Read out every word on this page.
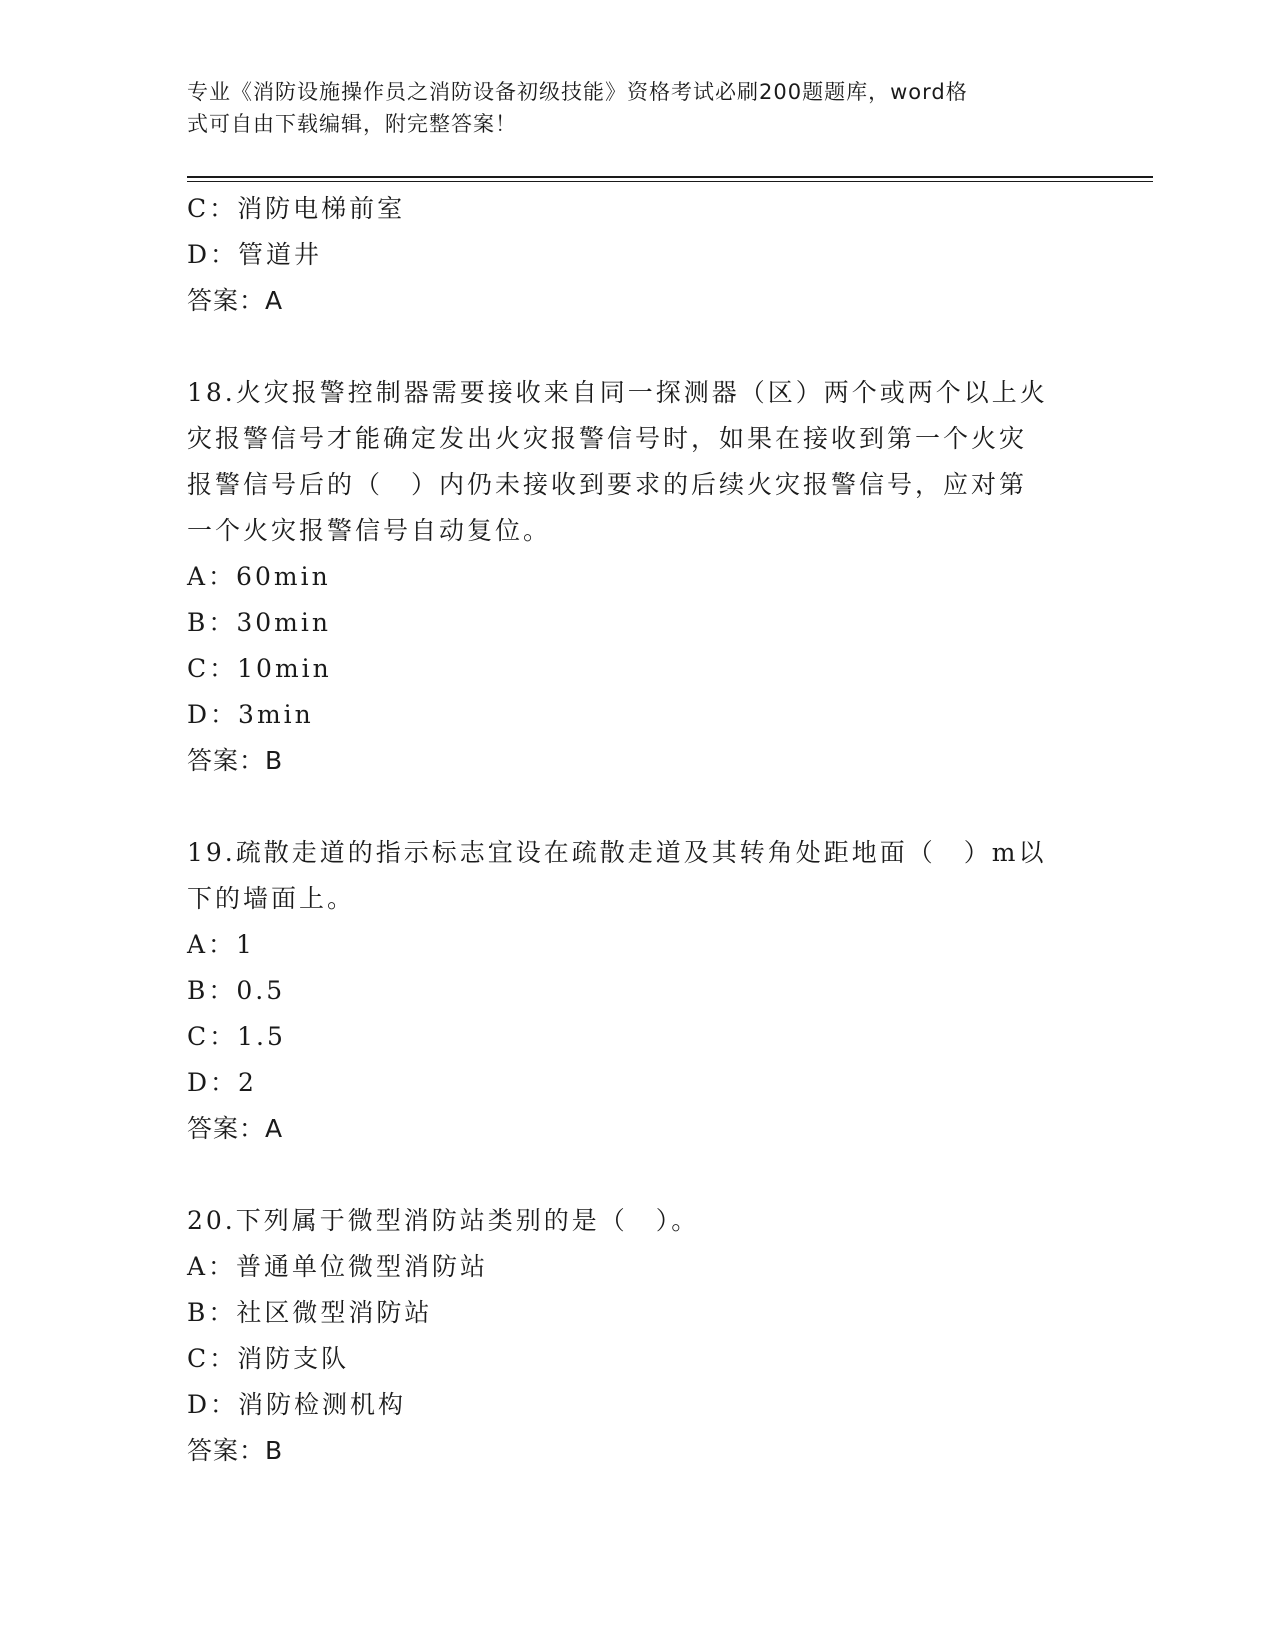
专业《消防设施操作员之消防设备初级技能》资格考试必刷200题题库，word格
式可自由下载编辑，附完整答案！
C：消防电梯前室
D：管道井
答案：A
18.火灾报警控制器需要接收来自同一探测器（区）两个或两个以上火
灾报警信号才能确定发出火灾报警信号时，如果在接收到第一个火灾
报警信号后的（　）内仍未接收到要求的后续火灾报警信号，应对第
一个火灾报警信号自动复位。
A：60min
B：30min
C：10min
D：3min
答案：B
19.疏散走道的指示标志宜设在疏散走道及其转角处距地面（　）m以
下的墙面上。
A：1
B：0.5
C：1.5
D：2
答案：A
20.下列属于微型消防站类别的是（　）。
A：普通单位微型消防站
B：社区微型消防站
C：消防支队
D：消防检测机构
答案：B
